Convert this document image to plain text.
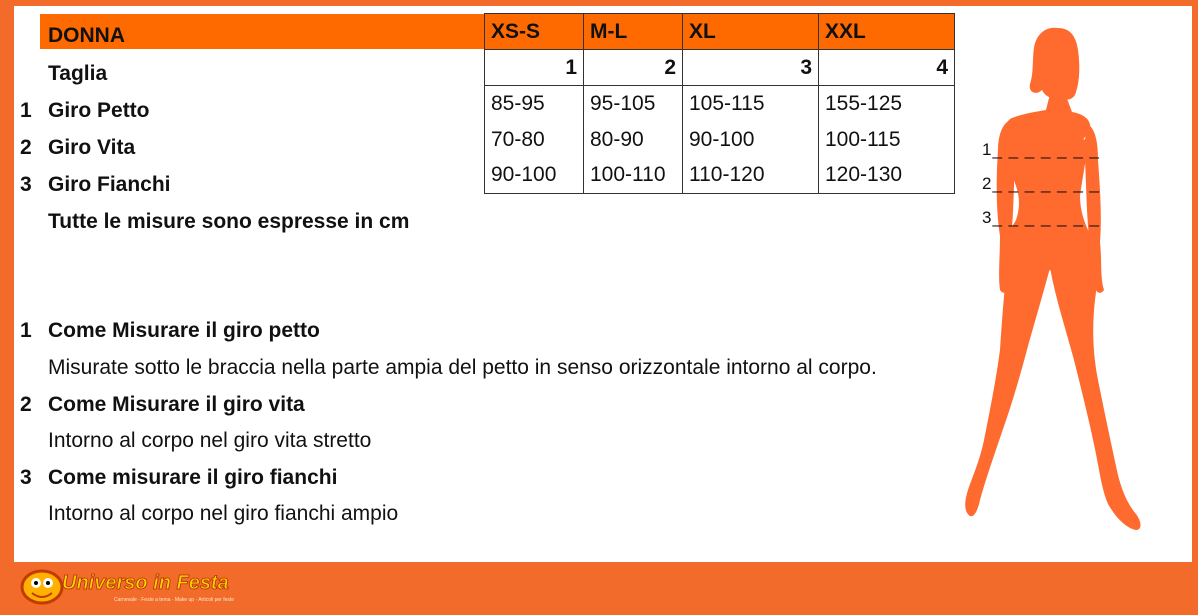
DONNA
Taglia
1 Giro Petto
2 Giro Vita
3 Giro Fianchi
Tutte le misure sono espresse in cm
XS-S	M-L	XL	XXL
1	2	3	4
85-95	95-105	105-115	155-125
70-80	80-90	90-100	100-115
90-100	100-110	110-120	120-130
1 Come Misurare il giro petto
Misurate sotto le braccia nella parte ampia del petto in senso orizzontale intorno al corpo.
2 Come Misurare il giro vita
Intorno al corpo nel giro vita stretto
3 Come misurare il giro fianchi
Intorno al corpo nel giro fianchi ampio
1_ _ _ _ _ _ _
2_ _ _ _ _ _ _
3_ _ _ _ _ _ _
Universo in Festa
Carnevale · Feste a tema · Make up · Articoli per feste
